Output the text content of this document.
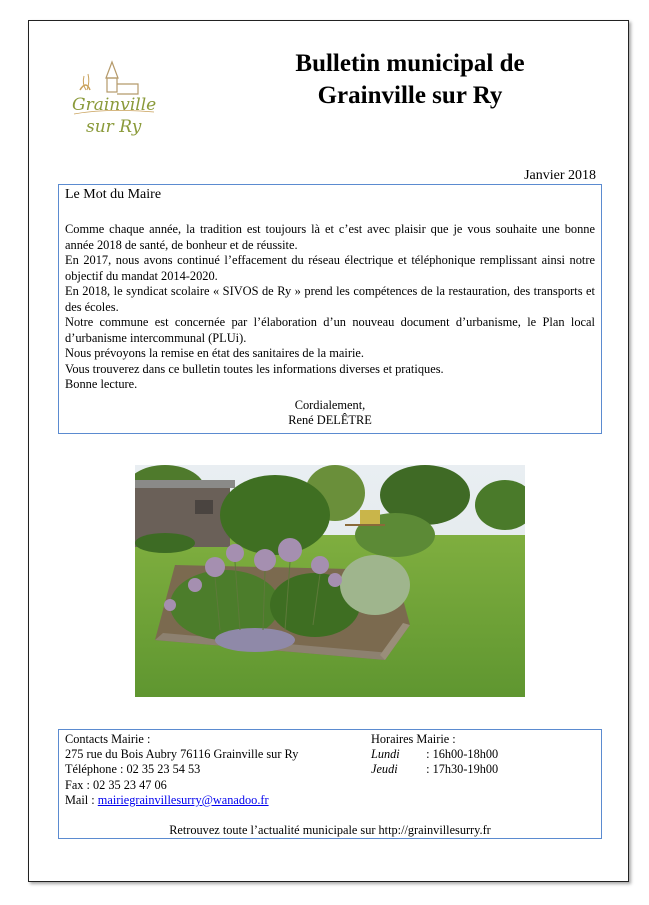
Grainville
sur Ry
Bulletin municipal de
Grainville sur Ry
Janvier 2018
Le Mot du Maire

Comme chaque année, la tradition est toujours là et c’est avec plaisir que je vous souhaite une bonne année 2018 de santé, de bonheur et de réussite.

En 2017, nous avons continué l’effacement du réseau électrique et téléphonique remplissant ainsi notre objectif du mandat 2014-2020.

En 2018, le syndicat scolaire « SIVOS de Ry » prend les compétences de la restauration, des transports et des écoles.

Notre commune est concernée par l’élaboration d’un nouveau document d’urbanisme, le Plan local d’urbanisme intercommunal (PLUi).

Nous prévoyons la remise en état des sanitaires de la mairie.

Vous trouverez dans ce bulletin toutes les informations diverses et pratiques.

Bonne lecture.

Cordialement,
René DELÊTRE
Contacts Mairie :
275 rue du Bois Aubry 76116 Grainville sur Ry
Téléphone : 02 35 23 54 53
Fax : 02 35 23 47 06
Mail : mairiegrainvillesurry@wanadoo.fr
Horaires Mairie :
Lundi : 16h00-18h00
Jeudi : 17h30-19h00
Retrouvez toute l’actualité municipale sur http://grainvillesurry.fr
